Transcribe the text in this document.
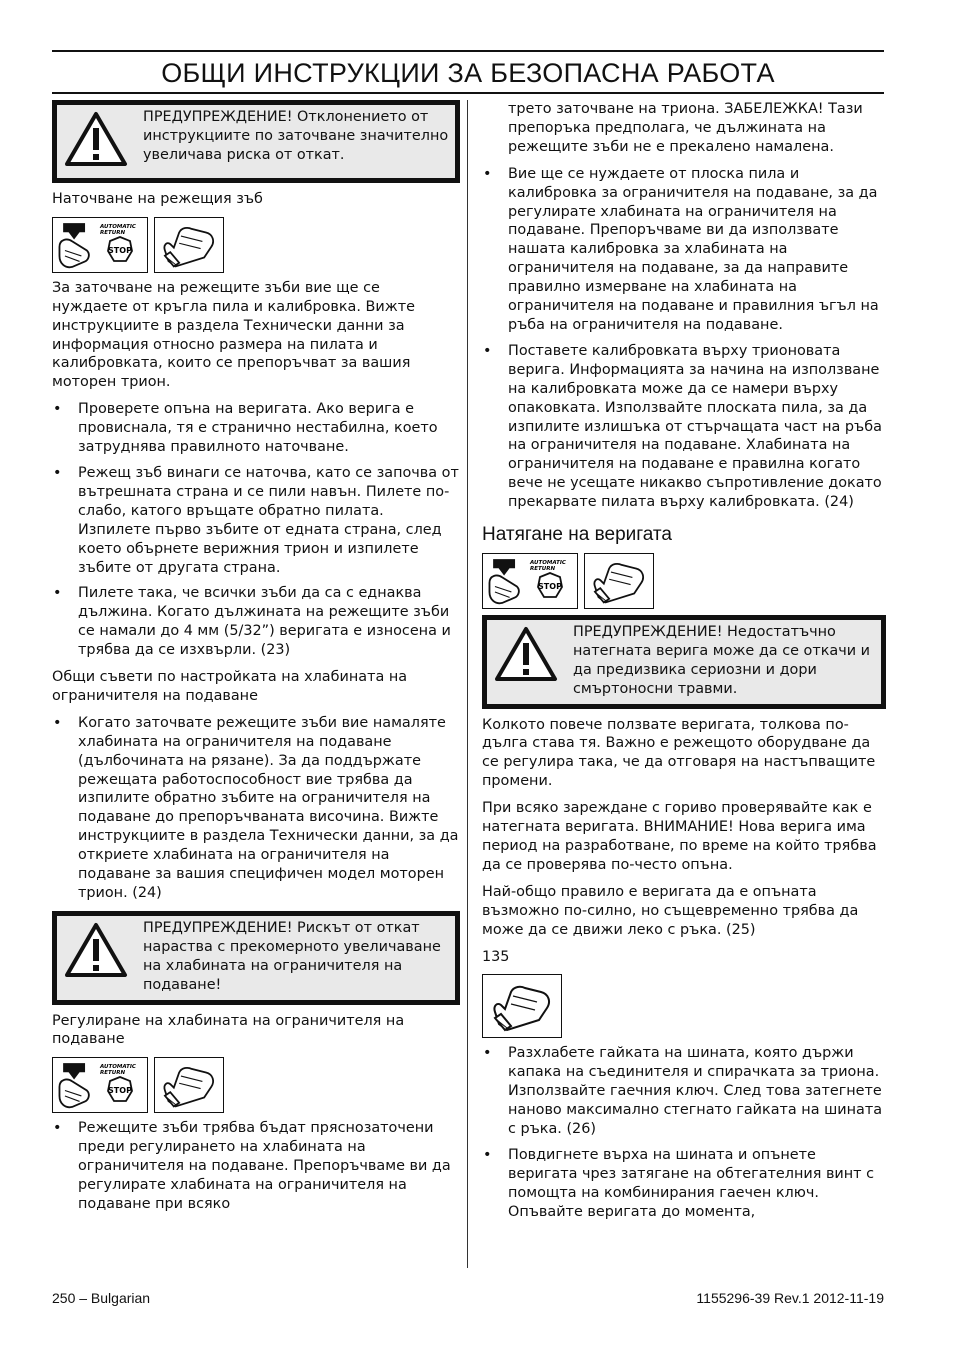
ОБЩИ ИНСТРУКЦИИ ЗА БЕЗОПАСНА РАБОТА
ПРЕДУПРЕЖДЕНИЕ! Отклонението от инструкциите по заточване значително увеличава риска от откат.

Наточване на режещия зъб

AUTOMATIC
RETURN
STOP

За заточване на режещите зъби вие ще се нуждаете от кръгла пила и калибровка. Вижте инструкциите в раздела Технически данни за информация относно размера на пилата и калибровката, които се препоръчват за вашия моторен трион.

• Проверете опъна на веригата. Ако верига е провиснала, тя е странично нестабилна, което затруднява правилното наточване.
• Режещ зъб винаги се наточва, като се започва от вътрешната страна и се пили навън. Пилете по-слабо, катого връщате обратно пилата. Изпилете първо зъбите от едната страна, след което обърнете верижния трион и изпилете зъбите от другата страна.
• Пилете така, че всички зъби да са с еднаква дължина. Когато дължината на режещите зъби се намали до 4 мм (5/32”) веригата е износена и трябва да се изхвърли. (23)

Общи съвети по настройката на хлабината на ограничителя на подаване

• Когато заточвате режещите зъби вие намаляте хлабината на ограничителя на подаване (дълбочината на рязане). За да поддържате режещата работоспособност вие трябва да изпилите обратно зъбите на ограничителя на подаване до препоръчваната височина. Вижте инструкциите в раздела Технически данни, за да откриете хлабината на ограничителя на подаване за вашия специфичен модел моторен трион. (24)
ПРЕДУПРЕЖДЕНИЕ! Рискът от откат нараства с прекомерното увеличаване на хлабината на ограничителя на подаване!

Регулиране на хлабината на ограничителя на подаване

AUTOMATIC
RETURN
STOP
• Режещите зъби трябва бъдат пряснозаточени преди регулирането на хлабината на ограничителя на подаване. Препоръчваме ви да регулирате хлабината на ограничителя на подаване при всяко

трето заточване на триона. ЗАБЕЛЕЖКА! Тази препоръка предполага, че дължината на режещите зъби не е прекалено намалена.

• Вие ще се нуждаете от плоска пила и калибровка за ограничителя на подаване, за да регулирате хлабината на ограничителя на подаване. Препоръчваме ви да използвате нашата калибровка за хлабината на ограничителя на подаване, за да направите правилно измерване на хлабината на ограничителя на подаване и правилния ъгъл на ръба на ограничителя на подаване.
• Поставете калибровката върху трионовата верига. Информацията за начина на използване на калибровката може да се намери върху опаковката. Използвайте плоската пила, за да изпилите излишъка от стърчащата част на ръба на ограничителя на подаване. Хлабината на ограничителя на подаване е правилна когато вече не усещате никакво съпротивление докато прекарвате пилата върху калибровката. (24)
Натягане на веригата
AUTOMATIC
RETURN
STOP
ПРЕДУПРЕЖДЕНИЕ! Недостатъчно натегната верига може да се откачи и да предизвика сериозни и дори смъртоносни травми.

Колкото повече ползвате веригата, толкова по-дълга става тя. Важно е режещото оборудване да се регулира така, че да отговаря на настъпващите промени.

При всяко зареждане с гориво проверявайте как е натегната веригата. ВНИМАНИЕ! Нова верига има период на разработване, по време на който трябва да се проверява по-често опъна.

Най-общо правило е веригата да е опъната възможно по-силно, но същевременно трябва да може да се движи леко с ръка. (25)

135

• Разхлабете гайката на шината, която държи капака на съединителя и спирачката за триона. Използвайте гаечния ключ. След това затегнете наново максимално стегнато гайката на шината с ръка. (26)
• Повдигнете върха на шината и опънете веригата чрез затягане на обтегателния винт с помощта на комбинирания гаечен ключ. Опъвайте веригата до момента,
250 – Bulgarian	1155296-39 Rev.1 2012-11-19
